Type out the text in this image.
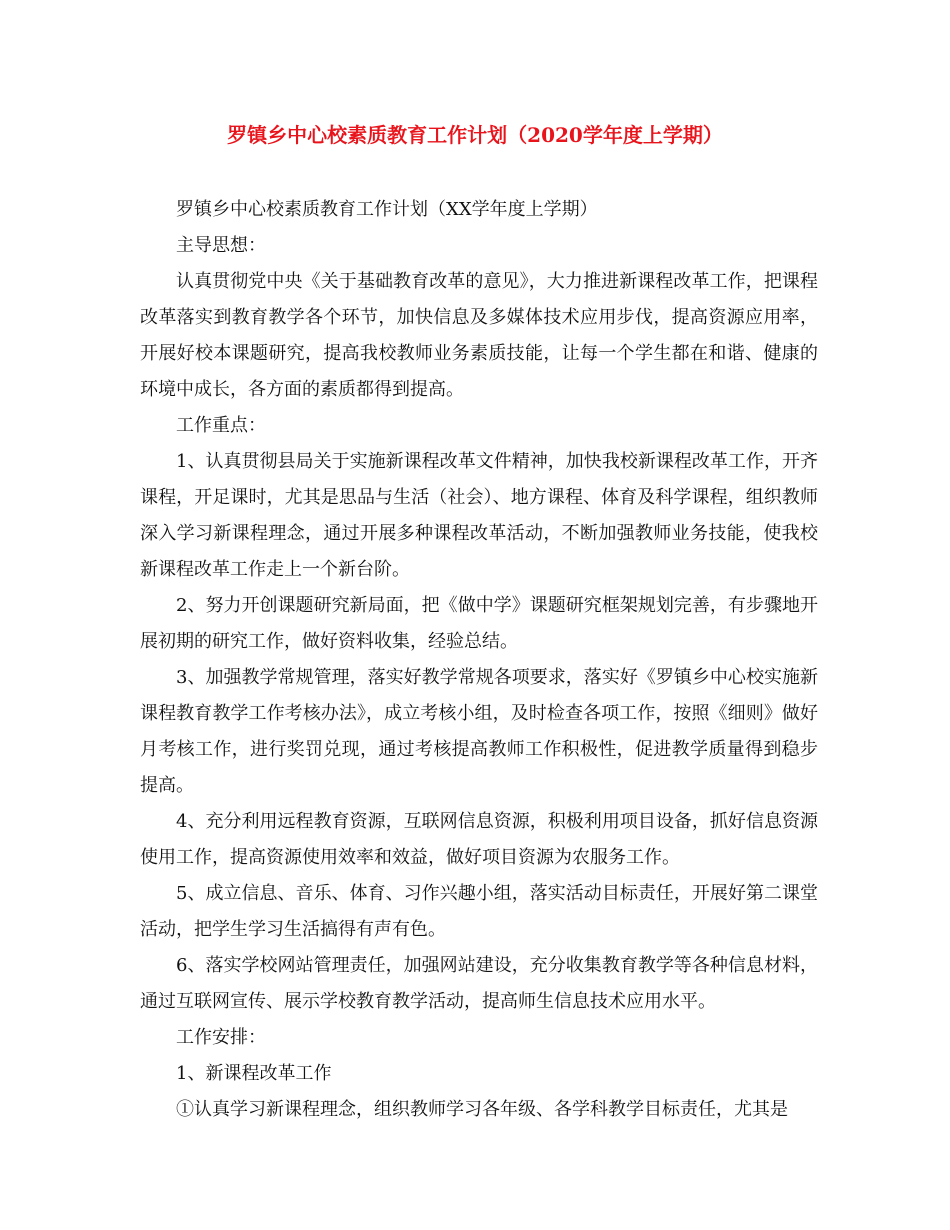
罗镇乡中心校素质教育工作计划（2020学年度上学期）

罗镇乡中心校素质教育工作计划（XX学年度上学期）

主导思想：

认真贯彻党中央《关于基础教育改革的意见》，大力推进新课程改革工作，把课程改革落实到教育教学各个环节，加快信息及多媒体技术应用步伐，提高资源应用率，开展好校本课题研究，提高我校教师业务素质技能，让每一个学生都在和谐、健康的环境中成长，各方面的素质都得到提高。

工作重点：

1、认真贯彻县局关于实施新课程改革文件精神，加快我校新课程改革工作，开齐课程，开足课时，尤其是思品与生活（社会）、地方课程、体育及科学课程，组织教师深入学习新课程理念，通过开展多种课程改革活动，不断加强教师业务技能，使我校新课程改革工作走上一个新台阶。

2、努力开创课题研究新局面，把《做中学》课题研究框架规划完善，有步骤地开展初期的研究工作，做好资料收集，经验总结。

3、加强教学常规管理，落实好教学常规各项要求，落实好《罗镇乡中心校实施新课程教育教学工作考核办法》，成立考核小组，及时检查各项工作，按照《细则》做好月考核工作，进行奖罚兑现，通过考核提高教师工作积极性，促进教学质量得到稳步提高。

4、充分利用远程教育资源，互联网信息资源，积极利用项目设备，抓好信息资源使用工作，提高资源使用效率和效益，做好项目资源为农服务工作。

5、成立信息、音乐、体育、习作兴趣小组，落实活动目标责任，开展好第二课堂活动，把学生学习生活搞得有声有色。

6、落实学校网站管理责任，加强网站建设，充分收集教育教学等各种信息材料，通过互联网宣传、展示学校教育教学活动，提高师生信息技术应用水平。

工作安排：

1、新课程改革工作

①认真学习新课程理念，组织教师学习各年级、各学科教学目标责任，尤其是
